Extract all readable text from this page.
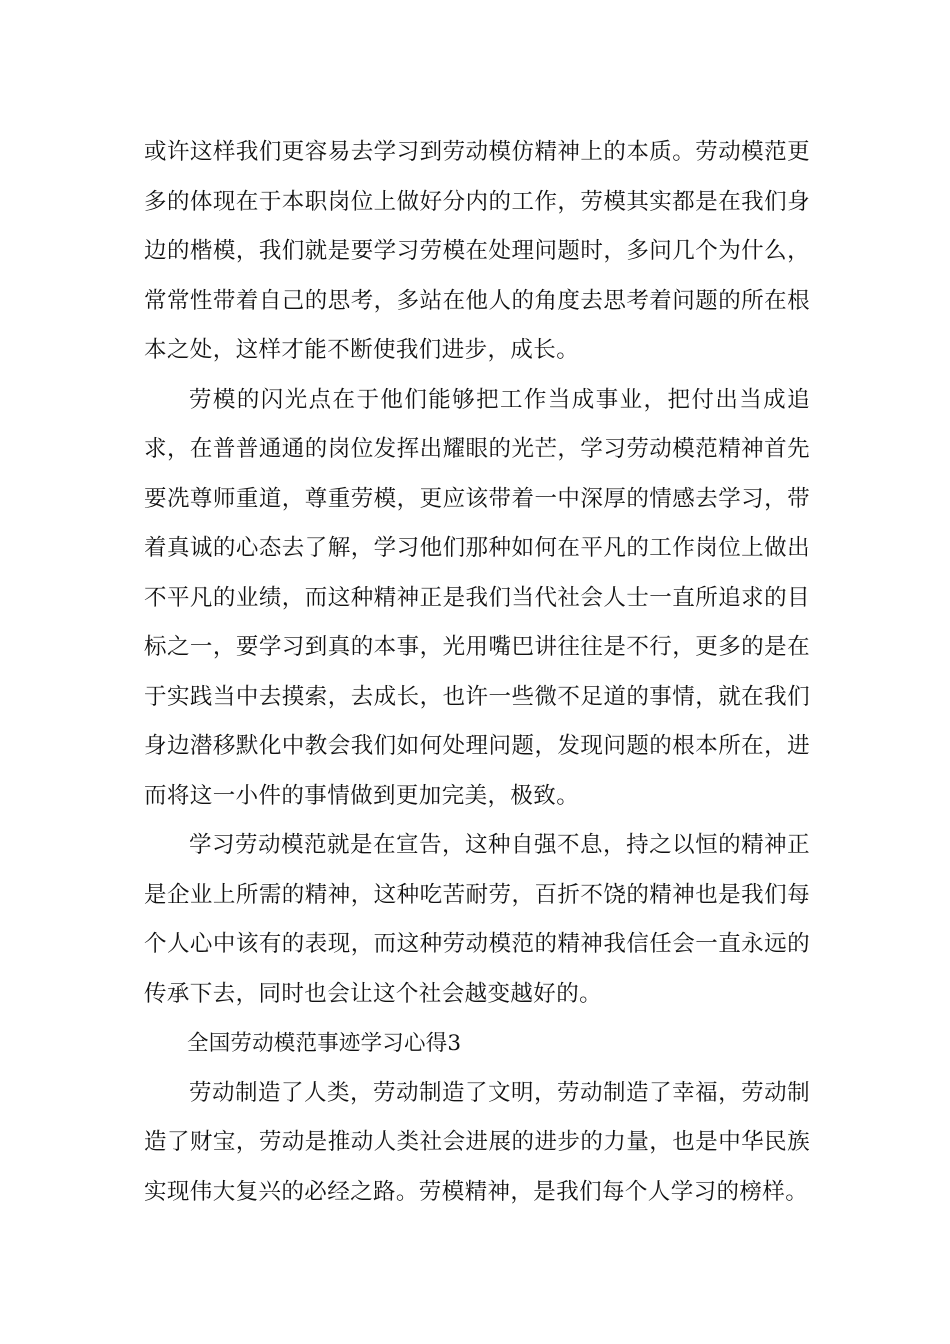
或许这样我们更容易去学习到劳动模仿精神上的本质。劳动模范更多的体现在于本职岗位上做好分内的工作，劳模其实都是在我们身边的楷模，我们就是要学习劳模在处理问题时，多问几个为什么，常常性带着自己的思考，多站在他人的角度去思考着问题的所在根本之处，这样才能不断使我们进步，成长。

劳模的闪光点在于他们能够把工作当成事业，把付出当成追求，在普普通通的岗位发挥出耀眼的光芒，学习劳动模范精神首先要冼尊师重道，尊重劳模，更应该带着一中深厚的情感去学习，带着真诚的心态去了解，学习他们那种如何在平凡的工作岗位上做出不平凡的业绩，而这种精神正是我们当代社会人士一直所追求的目标之一，要学习到真的本事，光用嘴巴讲往往是不行，更多的是在于实践当中去摸索，去成长，也许一些微不足道的事情，就在我们身边潜移默化中教会我们如何处理问题，发现问题的根本所在，进而将这一小件的事情做到更加完美，极致。

学习劳动模范就是在宣告，这种自强不息，持之以恒的精神正是企业上所需的精神，这种吃苦耐劳，百折不饶的精神也是我们每个人心中该有的表现，而这种劳动模范的精神我信任会一直永远的传承下去，同时也会让这个社会越变越好的。

全国劳动模范事迹学习心得3

劳动制造了人类，劳动制造了文明，劳动制造了幸福，劳动制造了财宝，劳动是推动人类社会进展的进步的力量，也是中华民族实现伟大复兴的必经之路。劳模精神，是我们每个人学习的榜样。
